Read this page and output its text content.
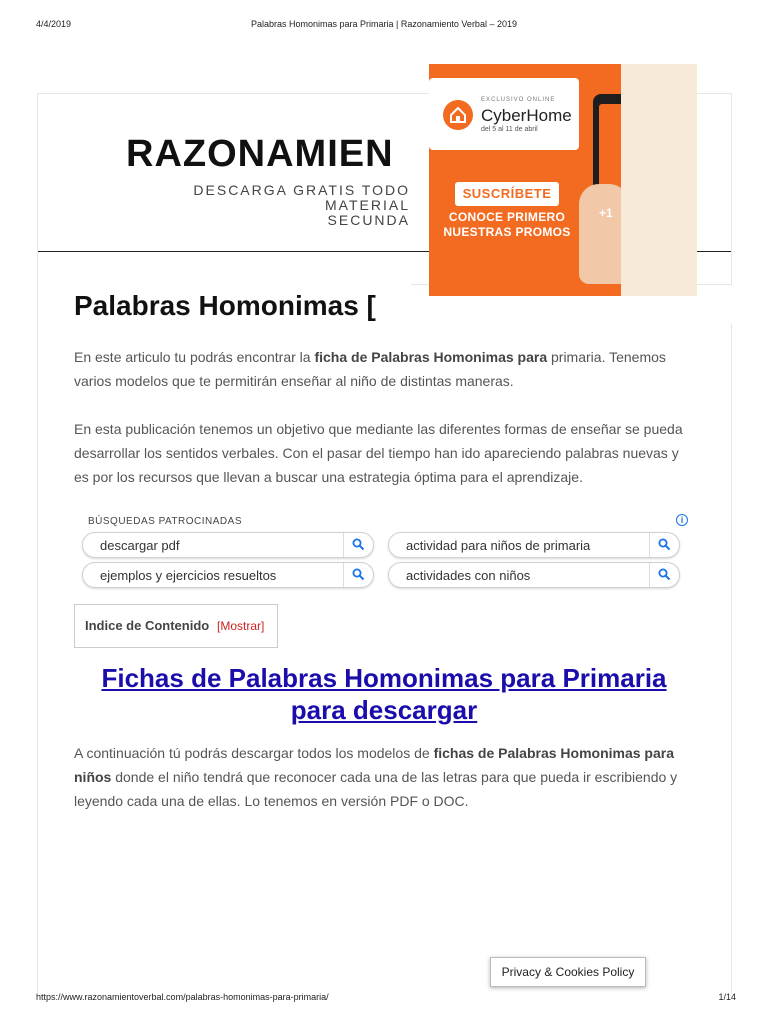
4/4/2019	Palabras Homonimas para Primaria | Razonamiento Verbal – 2019
RAZONAMIEN
DESCARGA GRATIS TODO MATERIAL
SECUNDA
Palabras Homonimas [

En este articulo tu podrás encontrar la ficha de Palabras Homonimas para primaria. Tenemos varios modelos que te permitirán enseñar al niño de distintas maneras.

En esta publicación tenemos un objetivo que mediante las diferentes formas de enseñar se pueda desarrollar los sentidos verbales. Con el pasar del tiempo han ido apareciendo palabras nuevas y es por los recursos que llevan a buscar una estrategia óptima para el aprendizaje.

BÚSQUEDAS PATROCINADAS	i
descargar pdf	actividad para niños de primaria
ejemplos y ejercicios resueltos	actividades con niños
Indice de Contenido [Mostrar]
Fichas de Palabras Homonimas para Primaria para descargar

A continuación tú podrás descargar todos los modelos de fichas de Palabras Homonimas para niños donde el niño tendrá que reconocer cada una de las letras para que pueda ir escribiendo y leyendo cada una de ellas. Lo tenemos en versión PDF o DOC.

EXCLUSIVO ONLINE
CyberHome
del 5 al 11 de abril
SUSCRÍBETE
CONOCE PRIMERO
NUESTRAS PROMOS
+1
Privacy & Cookies Policy
https://www.razonamientoverbal.com/palabras-homonimas-para-primaria/	1/14
